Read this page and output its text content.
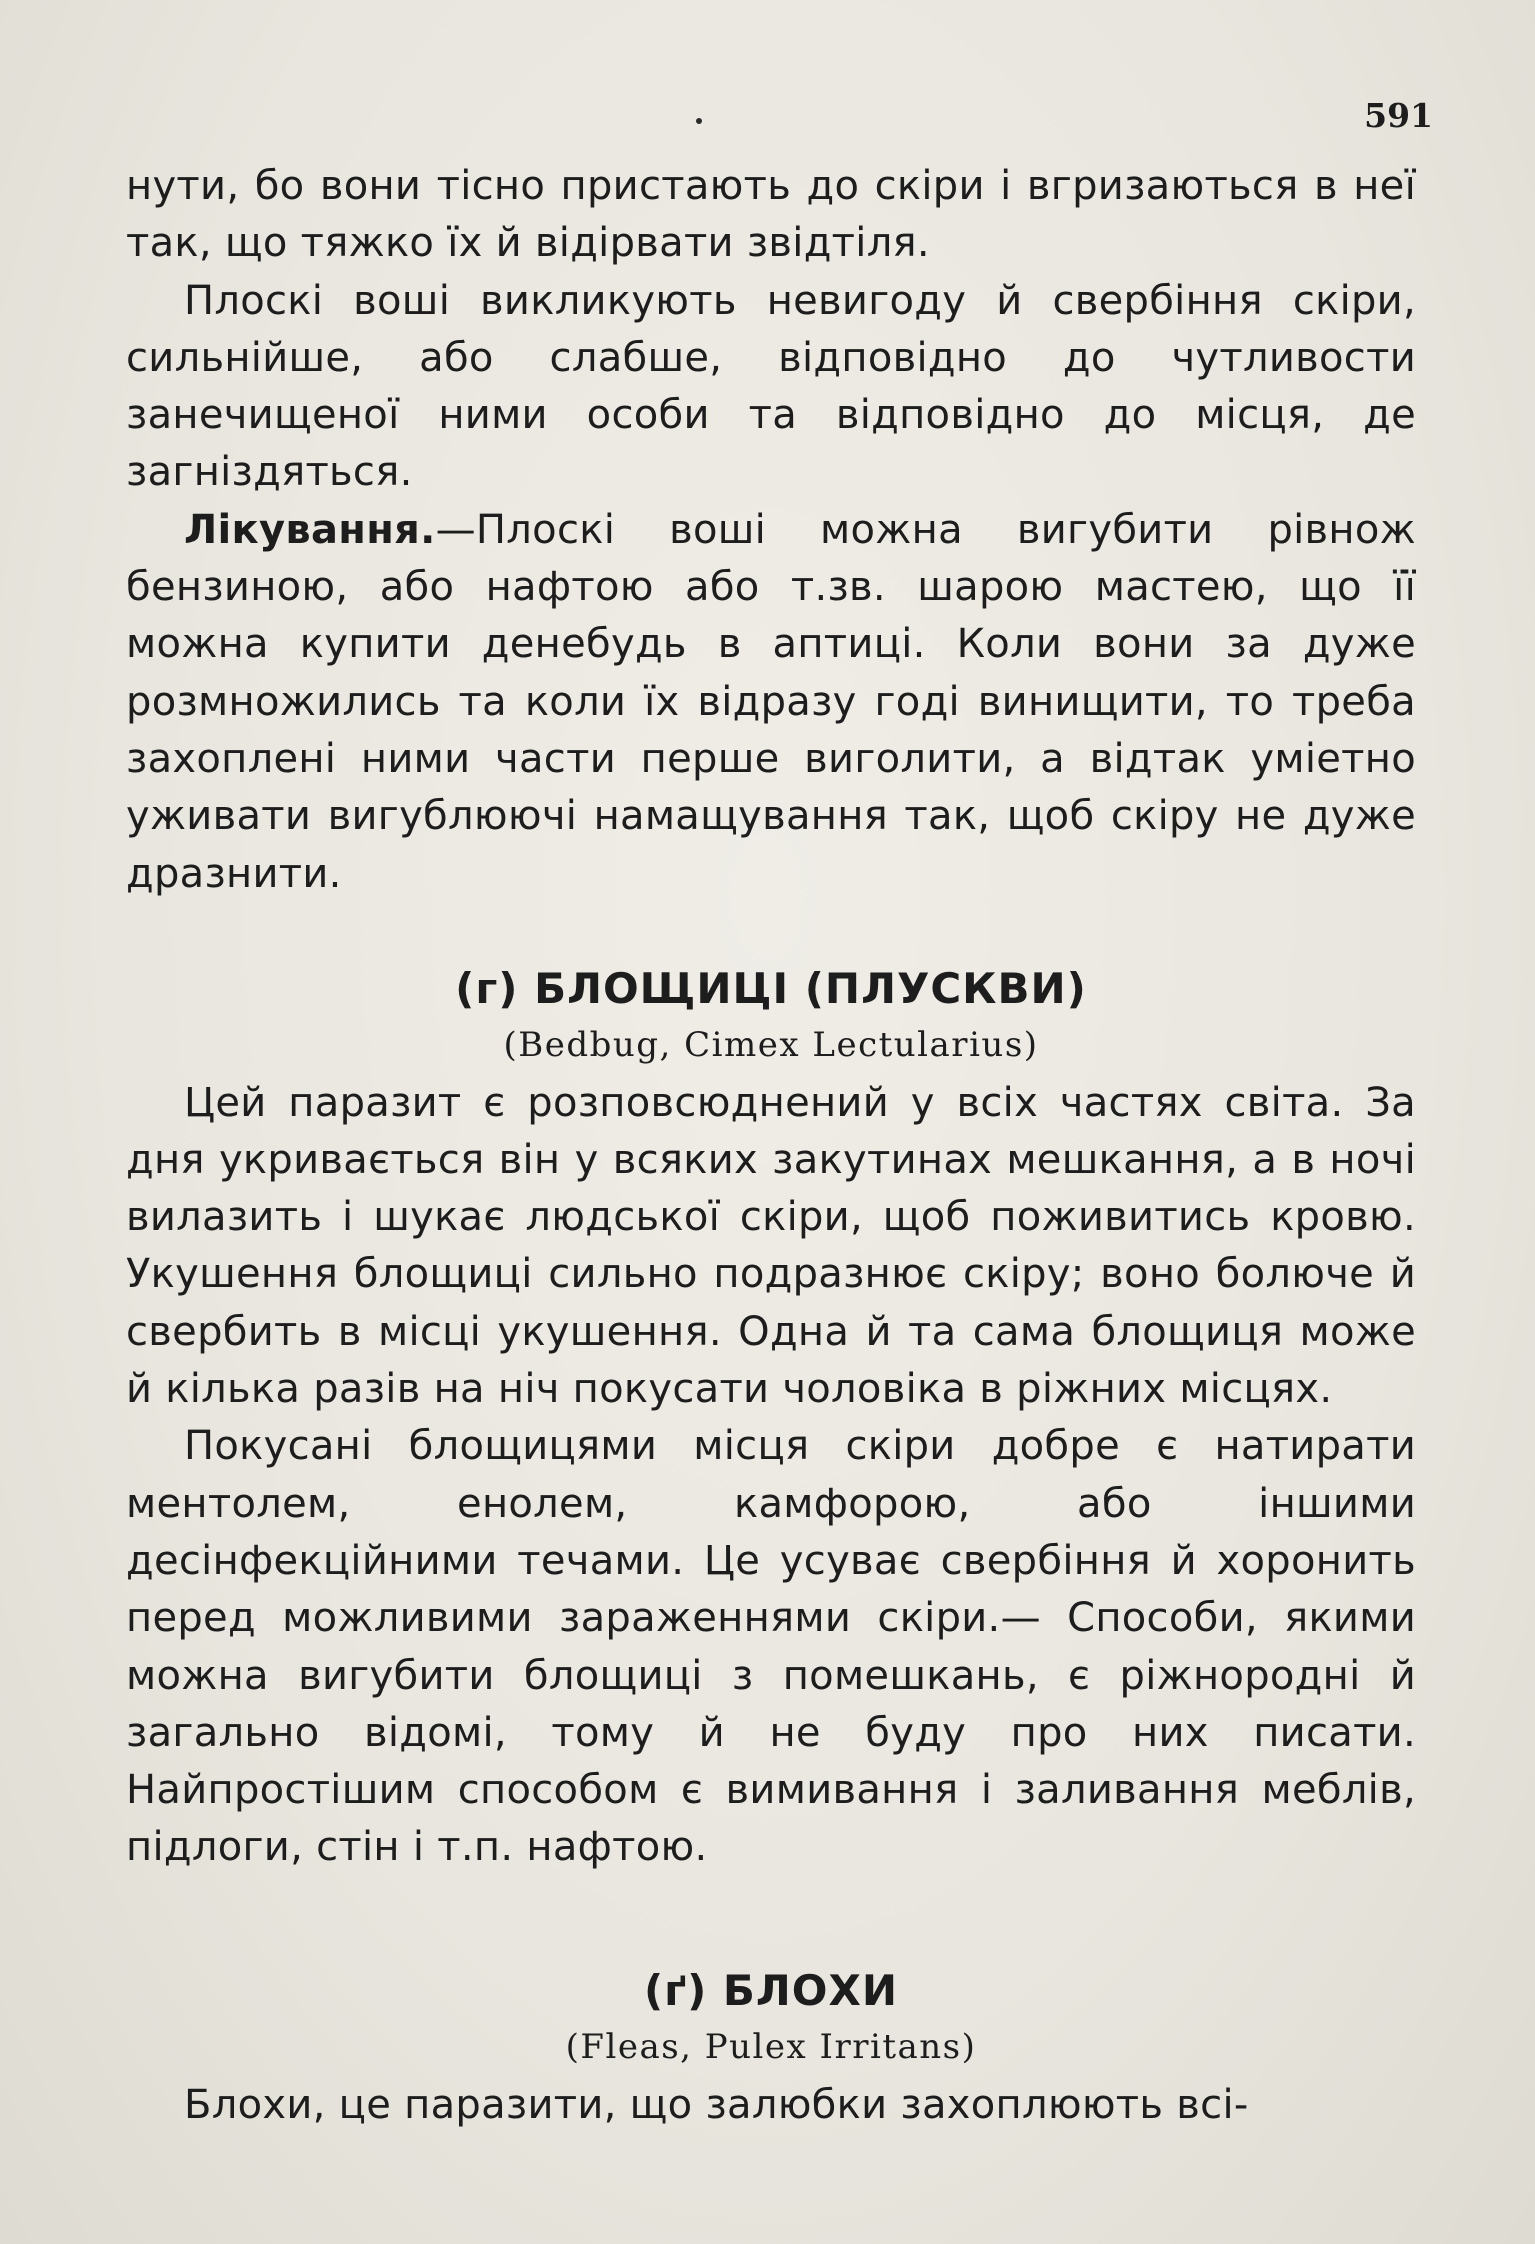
591

нути, бо вони тісно пристають до скіри і вгризаються в неї так, що тяжко їх й відірвати звідтіля.

Плоскі воші викликують невигоду й свербіння скіри, сильнійше, або слабше, відповідно до чутливости занечищеної ними особи та відповідно до місця, де загніздяться.

Лікування.—Плоскі воші можна вигубити рівнож бензиною, або нафтою або т.зв. шарою мастею, що її можна купити денебудь в аптиці. Коли вони за дуже розмножились та коли їх відразу годі винищити, то треба захоплені ними части перше виголити, а відтак уміетно уживати вигублюючі намащування так, щоб скіру не дуже дразнити.

(г) БЛОЩИЦІ (ПЛУСКВИ)

(Bedbug, Cimex Lectularius)

Цей паразит є розповсюднений у всіх частях світа. За дня укривається він у всяких закутинах мешкання, а в ночі вилазить і шукає людської скіри, щоб поживитись кровю. Укушення блощиці сильно подразнює скіру; воно болюче й свербить в місці укушення. Одна й та сама блощиця може й кілька разів на ніч покусати чоловіка в ріжних місцях.

Покусані блощицями місця скіри добре є натирати ментолем, енолем, камфорою, або іншими десінфекційними течами. Це усуває свербіння й хоронить перед можливими зараженнями скіри.— Способи, якими можна вигубити блощиці з помешкань, є ріжнородні й загально відомі, тому й не буду про них писати. Найпростішим способом є вимивання і заливання меблів, підлоги, стін і т.п. нафтою.

(ґ) БЛОХИ

(Fleas, Pulex Irritans)

Блохи, це паразити, що залюбки захоплюють всі-
